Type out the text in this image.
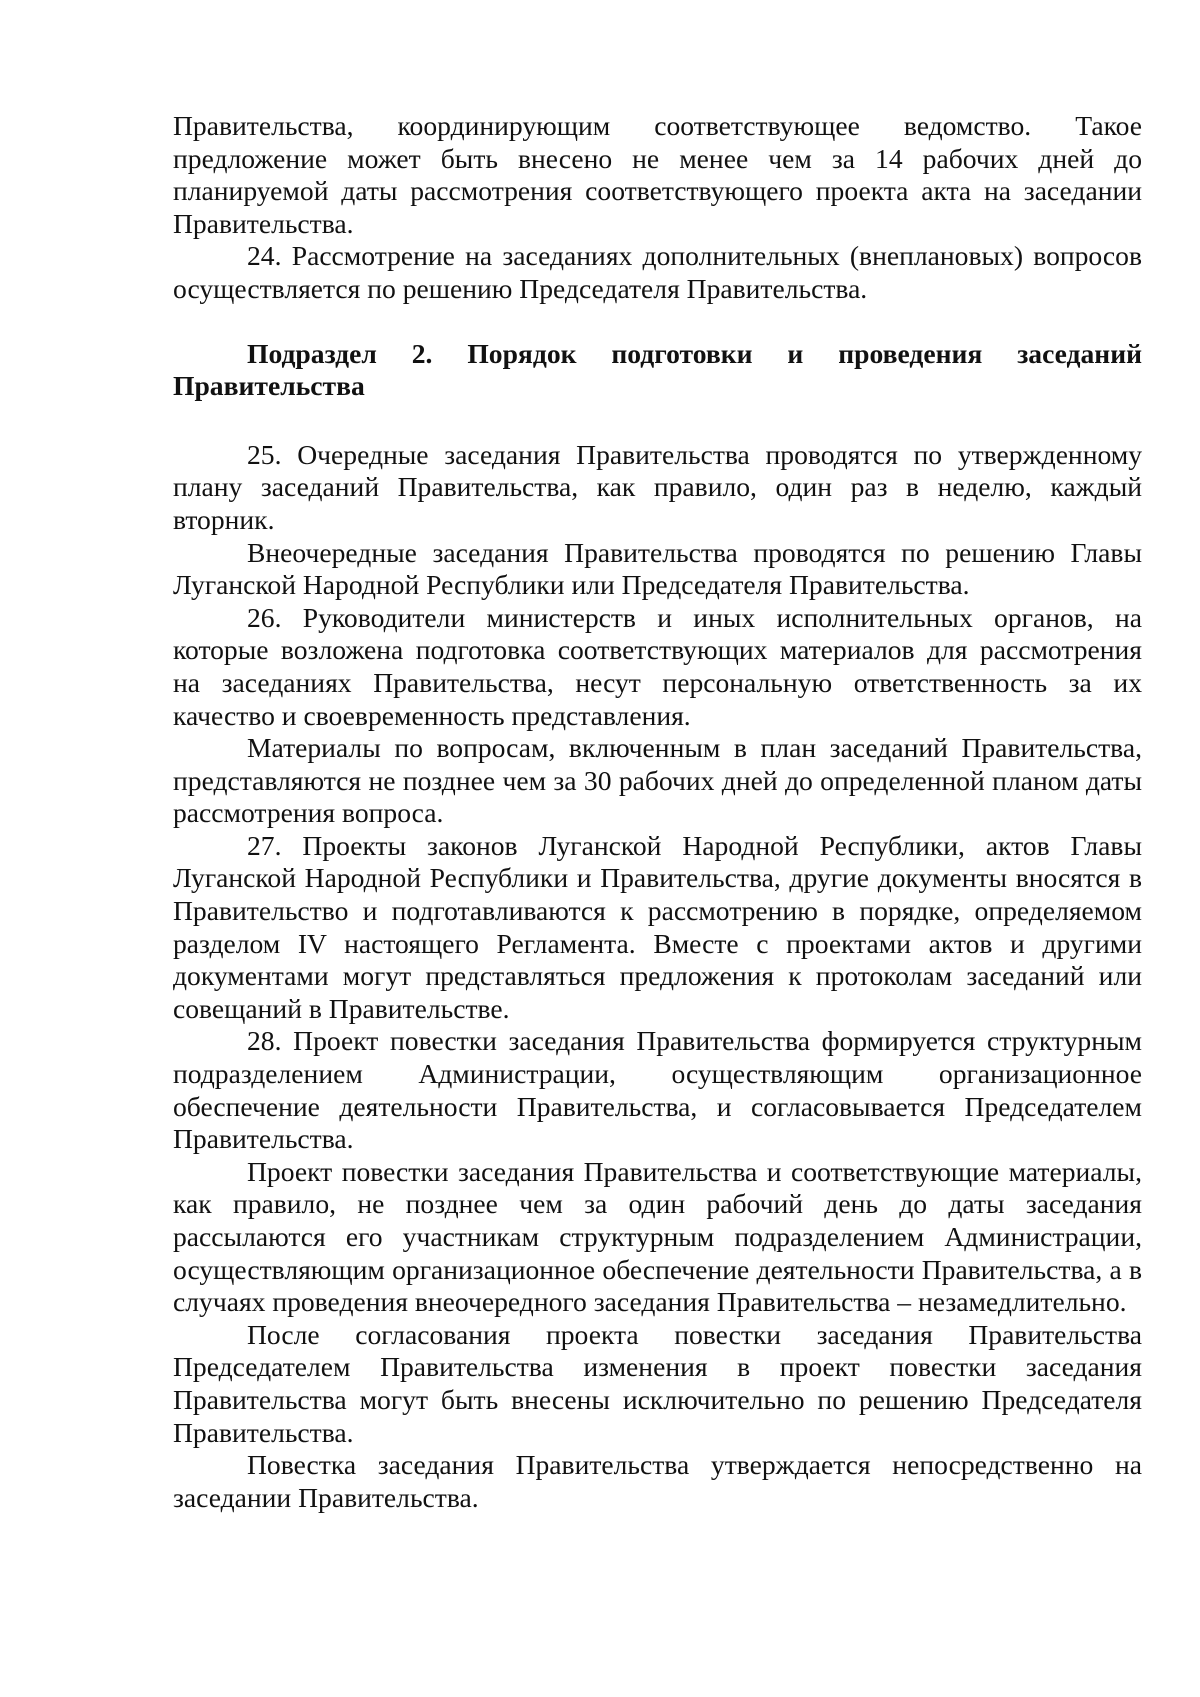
Правительства, координирующим соответствующее ведомство. Такое предложение может быть внесено не менее чем за 14 рабочих дней до планируемой даты рассмотрения соответствующего проекта акта на заседании Правительства.

24. Рассмотрение на заседаниях дополнительных (внеплановых) вопросов осуществляется по решению Председателя Правительства.

Подраздел 2. Порядок подготовки и проведения заседаний Правительства

25. Очередные заседания Правительства проводятся по утвержденному плану заседаний Правительства, как правило, один раз в неделю, каждый вторник.

Внеочередные заседания Правительства проводятся по решению Главы Луганской Народной Республики или Председателя Правительства.

26. Руководители министерств и иных исполнительных органов, на которые возложена подготовка соответствующих материалов для рассмотрения на заседаниях Правительства, несут персональную ответственность за их качество и своевременность представления.

Материалы по вопросам, включенным в план заседаний Правительства, представляются не позднее чем за 30 рабочих дней до определенной планом даты рассмотрения вопроса.

27. Проекты законов Луганской Народной Республики, актов Главы Луганской Народной Республики и Правительства, другие документы вносятся в Правительство и подготавливаются к рассмотрению в порядке, определяемом разделом IV настоящего Регламента. Вместе с проектами актов и другими документами могут представляться предложения к протоколам заседаний или совещаний в Правительстве.

28. Проект повестки заседания Правительства формируется структурным подразделением Администрации, осуществляющим организационное обеспечение деятельности Правительства, и согласовывается Председателем Правительства.

Проект повестки заседания Правительства и соответствующие материалы, как правило, не позднее чем за один рабочий день до даты заседания рассылаются его участникам структурным подразделением Администрации, осуществляющим организационное обеспечение деятельности Правительства, а в случаях проведения внеочередного заседания Правительства – незамедлительно.

После согласования проекта повестки заседания Правительства Председателем Правительства изменения в проект повестки заседания Правительства могут быть внесены исключительно по решению Председателя Правительства.

Повестка заседания Правительства утверждается непосредственно на заседании Правительства.
